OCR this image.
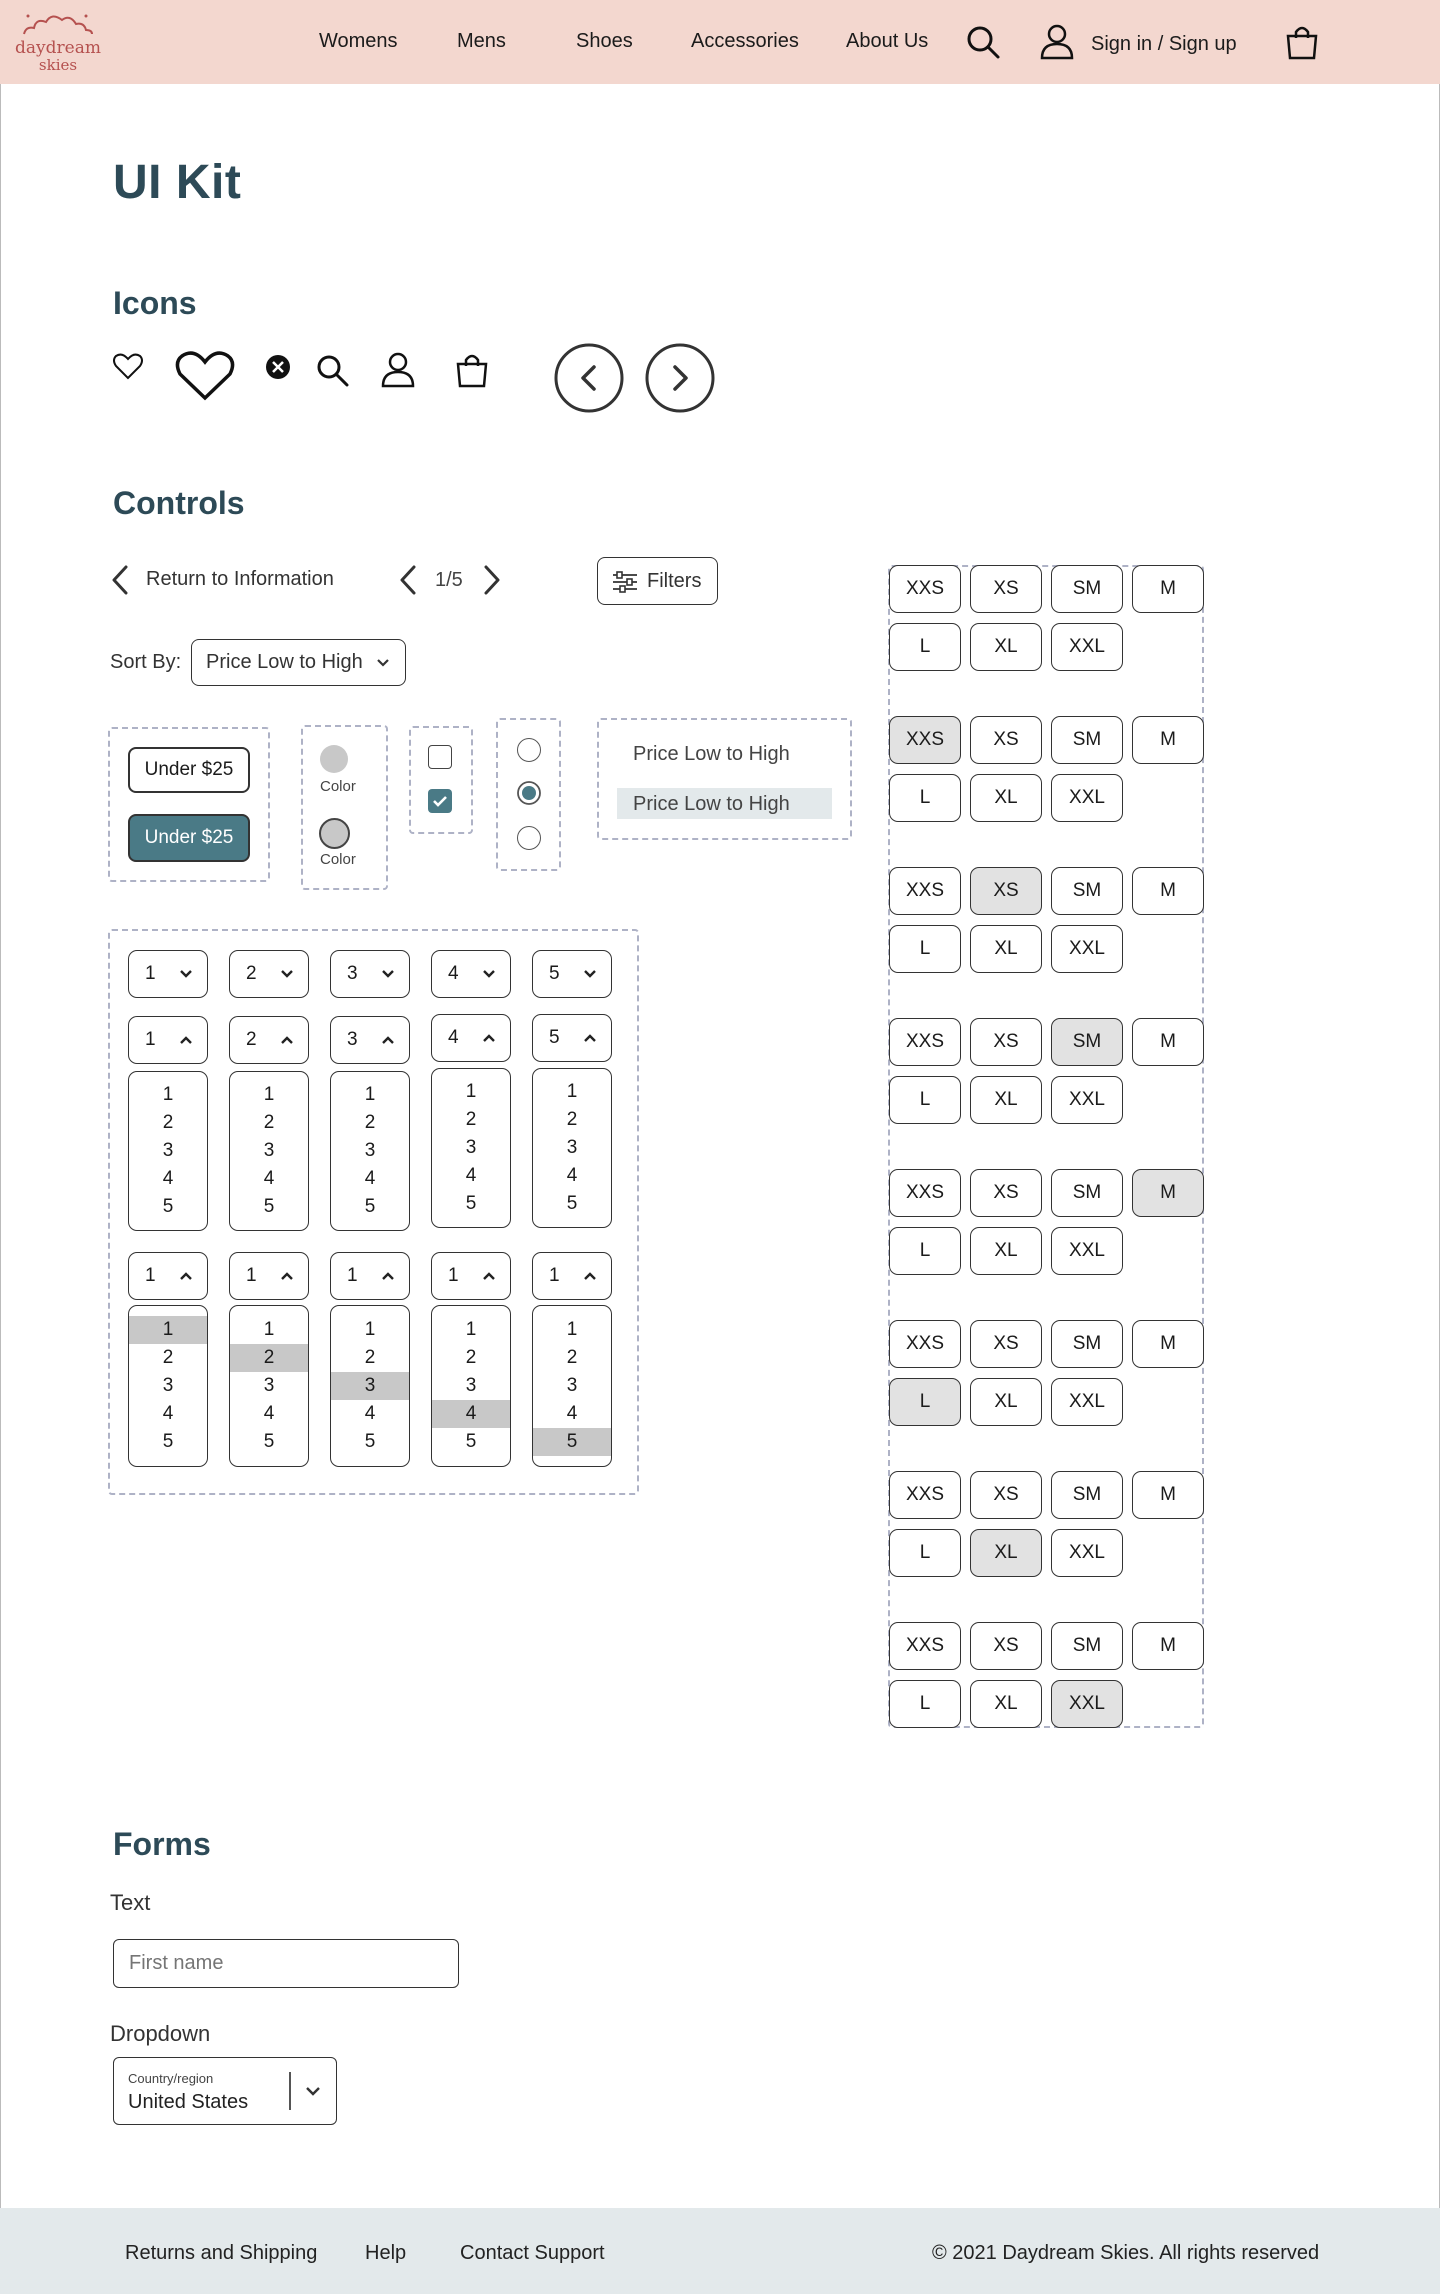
daydream
skies
Womens	Mens	Shoes	Accessories About Us	Sign in / Sign up
UI Kit
Icons
Controls
Return to Information	1/5	Filters
Sort By: Price Low to High
Under $25
Under $25
Color
Color
Price Low to High
Price Low to High
1
1
1
2
3
4
5
1
1
2
3
4
5
2
2
1
2
3
4
5
1
1
2
3
4
5
3
3
1
2
3
4
5
1
1
2
3
4
5
4
4
1
2
3
4
5
1
1
2
3
4
5
5
5
1
2
3
4
5
1
1
2
3
4
5
XXS	XS	SM	M
L	XL	XXL
XXS	XS	SM	M
L	XL	XXL
XXS	XS	SM	M
L	XL	XXL
XXS	XS	SM	M
L	XL	XXL
XXS	XS	SM	M
L	XL	XXL
XXS	XS	SM	M
L	XL	XXL
XXS	XS	SM	M
L	XL	XXL
XXS	XS	SM	M
L	XL	XXL
Forms
Text
First name
Dropdown
Country/region
United States
Returns and Shipping Help	Contact Support	© 2021 Daydream Skies. All rights reserved
